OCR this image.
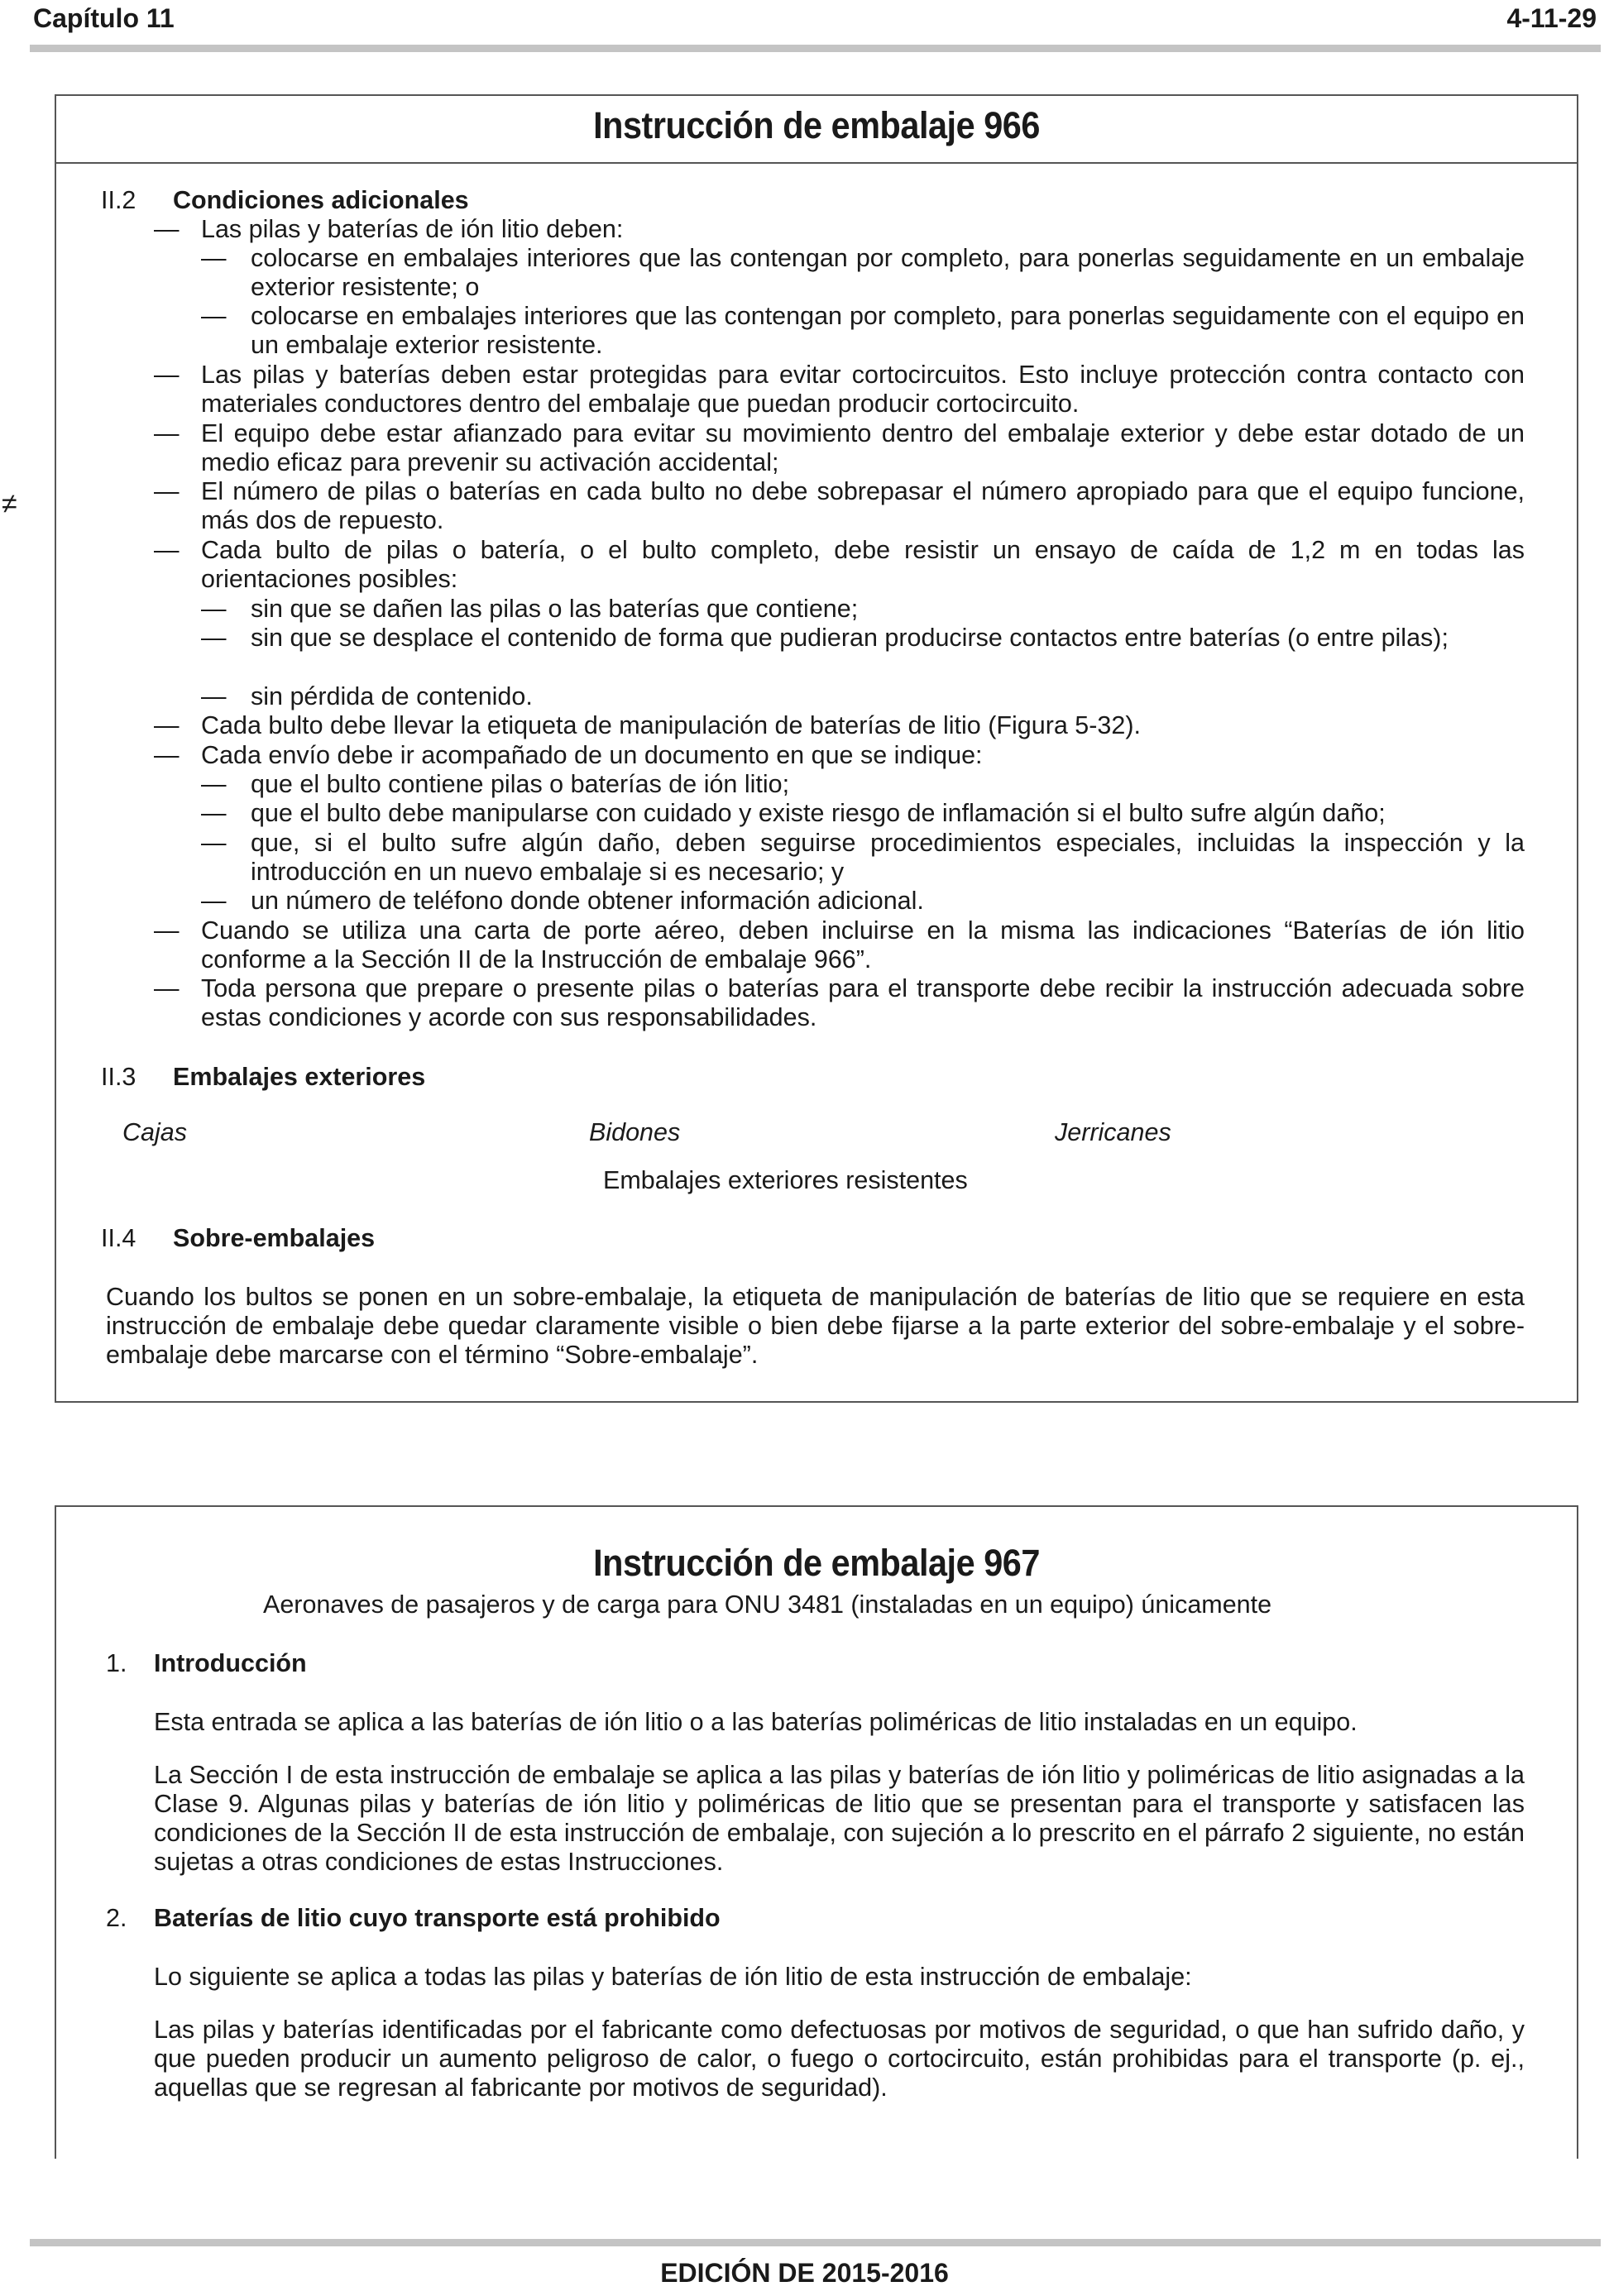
Capítulo 11	4-11-29
≠
Instrucción de embalaje 966
II.2 Condiciones adicionales
— Las pilas y baterías de ión litio deben:
— colocarse en embalajes interiores que las contengan por completo, para ponerlas seguidamente en un embalaje exterior resistente; o
— colocarse en embalajes interiores que las contengan por completo, para ponerlas seguidamente con el equipo en un embalaje exterior resistente.
— Las pilas y baterías deben estar protegidas para evitar cortocircuitos. Esto incluye protección contra contacto con materiales conductores dentro del embalaje que puedan producir cortocircuito.
— El equipo debe estar afianzado para evitar su movimiento dentro del embalaje exterior y debe estar dotado de un medio eficaz para prevenir su activación accidental;
— El número de pilas o baterías en cada bulto no debe sobrepasar el número apropiado para que el equipo funcione, más dos de repuesto.
— Cada bulto de pilas o batería, o el bulto completo, debe resistir un ensayo de caída de 1,2 m en todas las orientaciones posibles:
— sin que se dañen las pilas o las baterías que contiene;
— sin que se desplace el contenido de forma que pudieran producirse contactos entre baterías (o entre pilas);
— sin pérdida de contenido.
— Cada bulto debe llevar la etiqueta de manipulación de baterías de litio (Figura 5-32).
— Cada envío debe ir acompañado de un documento en que se indique:
— que el bulto contiene pilas o baterías de ión litio;
— que el bulto debe manipularse con cuidado y existe riesgo de inflamación si el bulto sufre algún daño;
— que, si el bulto sufre algún daño, deben seguirse procedimientos especiales, incluidas la inspección y la introducción en un nuevo embalaje si es necesario; y
— un número de teléfono donde obtener información adicional.
— Cuando se utiliza una carta de porte aéreo, deben incluirse en la misma las indicaciones “Baterías de ión litio conforme a la Sección II de la Instrucción de embalaje 966”.
— Toda persona que prepare o presente pilas o baterías para el transporte debe recibir la instrucción adecuada sobre estas condiciones y acorde con sus responsabilidades.
II.3 Embalajes exteriores
Cajas	Bidones	Jerricanes
Embalajes exteriores resistentes
II.4 Sobre-embalajes
Cuando los bultos se ponen en un sobre-embalaje, la etiqueta de manipulación de baterías de litio que se requiere en esta instrucción de embalaje debe quedar claramente visible o bien debe fijarse a la parte exterior del sobre-embalaje y el sobre-embalaje debe marcarse con el término “Sobre-embalaje”.
Instrucción de embalaje 967
Aeronaves de pasajeros y de carga para ONU 3481 (instaladas en un equipo) únicamente
1. Introducción
Esta entrada se aplica a las baterías de ión litio o a las baterías poliméricas de litio instaladas en un equipo.
La Sección I de esta instrucción de embalaje se aplica a las pilas y baterías de ión litio y poliméricas de litio asignadas a la Clase 9. Algunas pilas y baterías de ión litio y poliméricas de litio que se presentan para el transporte y satisfacen las condiciones de la Sección II de esta instrucción de embalaje, con sujeción a lo prescrito en el párrafo 2 siguiente, no están sujetas a otras condiciones de estas Instrucciones.
2. Baterías de litio cuyo transporte está prohibido
Lo siguiente se aplica a todas las pilas y baterías de ión litio de esta instrucción de embalaje:
Las pilas y baterías identificadas por el fabricante como defectuosas por motivos de seguridad, o que han sufrido daño, y que pueden producir un aumento peligroso de calor, o fuego o cortocircuito, están prohibidas para el transporte (p. ej., aquellas que se regresan al fabricante por motivos de seguridad).
EDICIÓN DE 2015-2016
